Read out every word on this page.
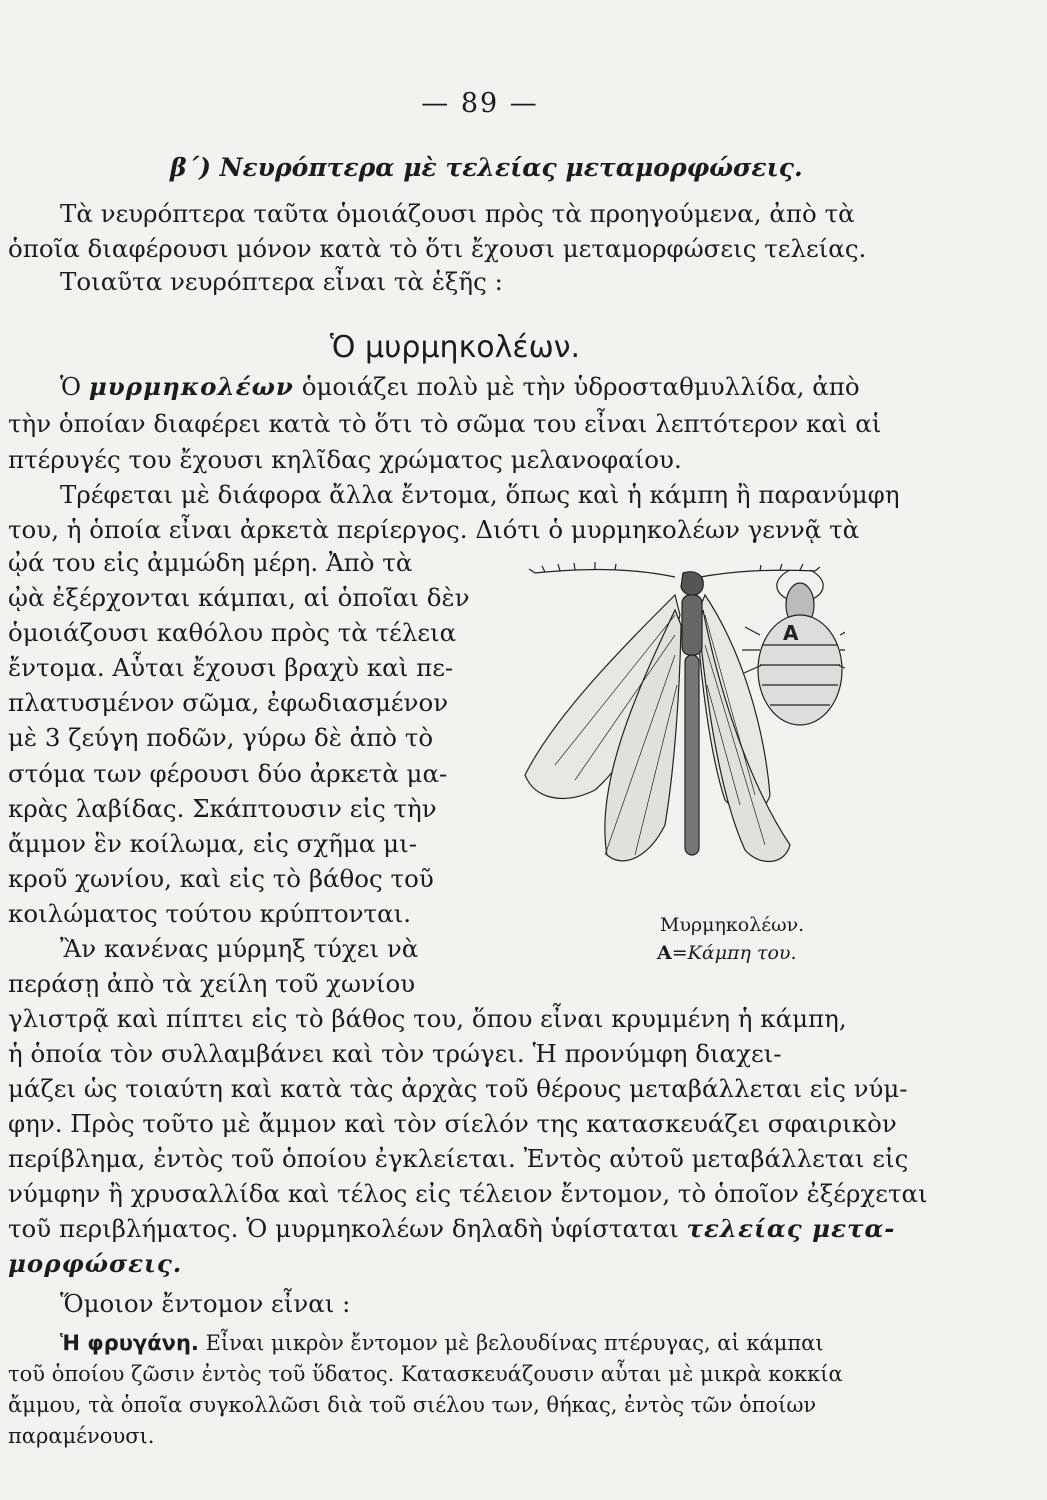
— 89 —
β΄) Νευρόπτερα μὲ τελείας μεταμορφώσεις.
Τὰ νευρόπτερα ταῦτα ὁμοιάζουσι πρὸς τὰ προηγούμενα, ἀπὸ τὰ
ὁποῖα διαφέρουσι μόνον κατὰ τὸ ὅτι ἔχουσι μεταμορφώσεις τελείας.
Τοιαῦτα νευρόπτερα εἶναι τὰ ἑξῆς :
Ὁ μυρμηκολέων.
Ὁ μυρμηκολέων ὁμοιάζει πολὺ μὲ τὴν ὑδροσταθμυλλίδα, ἀπὸ
τὴν ὁποίαν διαφέρει κατὰ τὸ ὅτι τὸ σῶμα του εἶναι λεπτότερον καὶ αἱ
πτέρυγές του ἔχουσι κηλῖδας χρώματος μελανοφαίου.
Τρέφεται μὲ διάφορα ἄλλα ἔντομα, ὅπως καὶ ἡ κάμπη ἢ παρανύμφη
του, ἡ ὁποία εἶναι ἀρκετὰ περίεργος. Διότι ὁ μυρμηκολέων γεννᾷ τὰ
ᾠά του εἰς ἀμμώδη μέρη. Ἀπὸ τὰ
ᾠὰ ἐξέρχονται κάμπαι, αἱ ὁποῖαι δὲν
ὁμοιάζουσι καθόλου πρὸς τὰ τέλεια
ἔντομα. Αὗται ἔχουσι βραχὺ καὶ πε-
πλατυσμένον σῶμα, ἐφωδιασμένον
μὲ 3 ζεύγη ποδῶν, γύρω δὲ ἀπὸ τὸ
στόμα των φέρουσι δύο ἀρκετὰ μα-
κρὰς λαβίδας. Σκάπτουσιν εἰς τὴν
ἄμμον ἓν κοίλωμα, εἰς σχῆμα μι-
κροῦ χωνίου, καὶ εἰς τὸ βάθος τοῦ
κοιλώματος τούτου κρύπτονται.
Ἂν κανένας μύρμηξ τύχει νὰ
περάσῃ ἀπὸ τὰ χείλη τοῦ χωνίου
Α
Μυρμηκολέων.
Α=Κάμπη του.
γλιστρᾷ καὶ πίπτει εἰς τὸ βάθος του, ὅπου εἶναι κρυμμένη ἡ κάμπη,
ἡ ὁποία τὸν συλλαμβάνει καὶ τὸν τρώγει. Ἡ προνύμφη διαχει-
μάζει ὡς τοιαύτη καὶ κατὰ τὰς ἀρχὰς τοῦ θέρους μεταβάλλεται εἰς νύμ-
φην. Πρὸς τοῦτο μὲ ἄμμον καὶ τὸν σίελόν της κατασκευάζει σφαιρικὸν
περίβλημα, ἐντὸς τοῦ ὁποίου ἐγκλείεται. Ἐντὸς αὐτοῦ μεταβάλλεται εἰς
νύμφην ἢ χρυσαλλίδα καὶ τέλος εἰς τέλειον ἔντομον, τὸ ὁποῖον ἐξέρχεται
τοῦ περιβλήματος. Ὁ μυρμηκολέων δηλαδὴ ὑφίσταται τελείας μετα-
μορφώσεις.
Ὅμοιον ἔντομον εἶναι :
Ἡ φρυγάνη. Εἶναι μικρὸν ἔντομον μὲ βελουδίνας πτέρυγας, αἱ κάμπαι
τοῦ ὁποίου ζῶσιν ἐντὸς τοῦ ὕδατος. Κατασκευάζουσιν αὗται μὲ μικρὰ κοκκία
ἄμμου, τὰ ὁποῖα συγκολλῶσι διὰ τοῦ σιέλου των, θήκας, ἐντὸς τῶν ὁποίων
παραμένουσι.
